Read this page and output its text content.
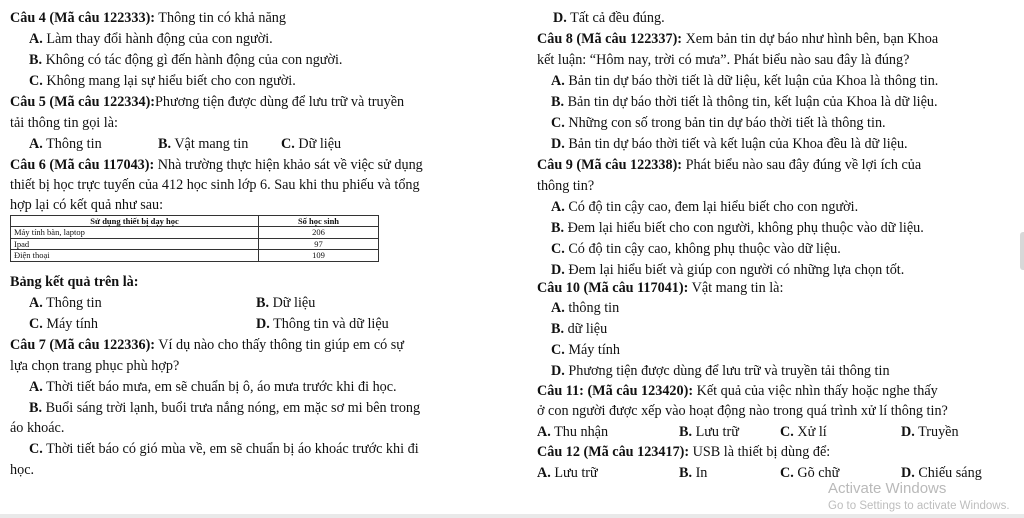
Câu 4 (Mã câu 122333): Thông tin có khả năng
A. Làm thay đổi hành động của con người.
B. Không có tác động gì đến hành động của con người.
C. Không mang lại sự hiểu biết cho con người.
Câu 5 (Mã câu 122334):Phương tiện được dùng để lưu trữ và truyền
tải thông tin gọi là:
A. Thông tin	B. Vật mang tin C. Dữ liệu
Câu 6 (Mã câu 117043): Nhà trường thực hiện khảo sát về việc sử dụng
thiết bị học trực tuyến của 412 học sinh lớp 6. Sau khi thu phiếu và tổng
hợp lại có kết quả như sau:
Sử dụng thiết bị dạy học	Số học sinh
Máy tính bàn, laptop	206
Ipad	97
Điện thoại	109
Bảng kết quả trên là:
A. Thông tin	B. Dữ liệu
C. Máy tính	D. Thông tin và dữ liệu
Câu 7 (Mã câu 122336): Ví dụ nào cho thấy thông tin giúp em có sự
lựa chọn trang phục phù hợp?
A. Thời tiết báo mưa, em sẽ chuẩn bị ô, áo mưa trước khi đi học.
B. Buổi sáng trời lạnh, buổi trưa nắng nóng, em mặc sơ mi bên trong
áo khoác.
C. Thời tiết báo có gió mùa về, em sẽ chuẩn bị áo khoác trước khi đi
học.
D. Tất cả đều đúng.
Câu 8 (Mã câu 122337): Xem bản tin dự báo như hình bên, bạn Khoa
kết luận: “Hôm nay, trời có mưa”. Phát biểu nào sau đây là đúng?
A. Bản tin dự báo thời tiết là dữ liệu, kết luận của Khoa là thông tin.
B. Bản tin dự báo thời tiết là thông tin, kết luận của Khoa là dữ liệu.
C. Những con số trong bản tin dự báo thời tiết là thông tin.
D. Bản tin dự báo thời tiết và kết luận của Khoa đều là dữ liệu.
Câu 9 (Mã câu 122338): Phát biểu nào sau đây đúng về lợi ích của
thông tin?
A. Có độ tin cậy cao, đem lại hiểu biết cho con người.
B. Đem lại hiểu biết cho con người, không phụ thuộc vào dữ liệu.
C. Có độ tin cậy cao, không phụ thuộc vào dữ liệu.
D. Đem lại hiểu biết và giúp con người có những lựa chọn tốt.
Câu 10 (Mã câu 117041): Vật mang tin là:
A. thông tin
B. dữ liệu
C. Máy tính
D. Phương tiện được dùng để lưu trữ và truyền tải thông tin
Câu 11: (Mã câu 123420): Kết quả của việc nhìn thấy hoặc nghe thấy
ở con người được xếp vào hoạt động nào trong quá trình xử lí thông tin?
A. Thu nhận	B. Lưu trữ	C. Xử lí	D. Truyền
Câu 12 (Mã câu 123417): USB là thiết bị dùng để:
A. Lưu trữ	B. In	C. Gõ chữ	D. Chiếu sáng
Activate Windows
Go to Settings to activate Windows.
